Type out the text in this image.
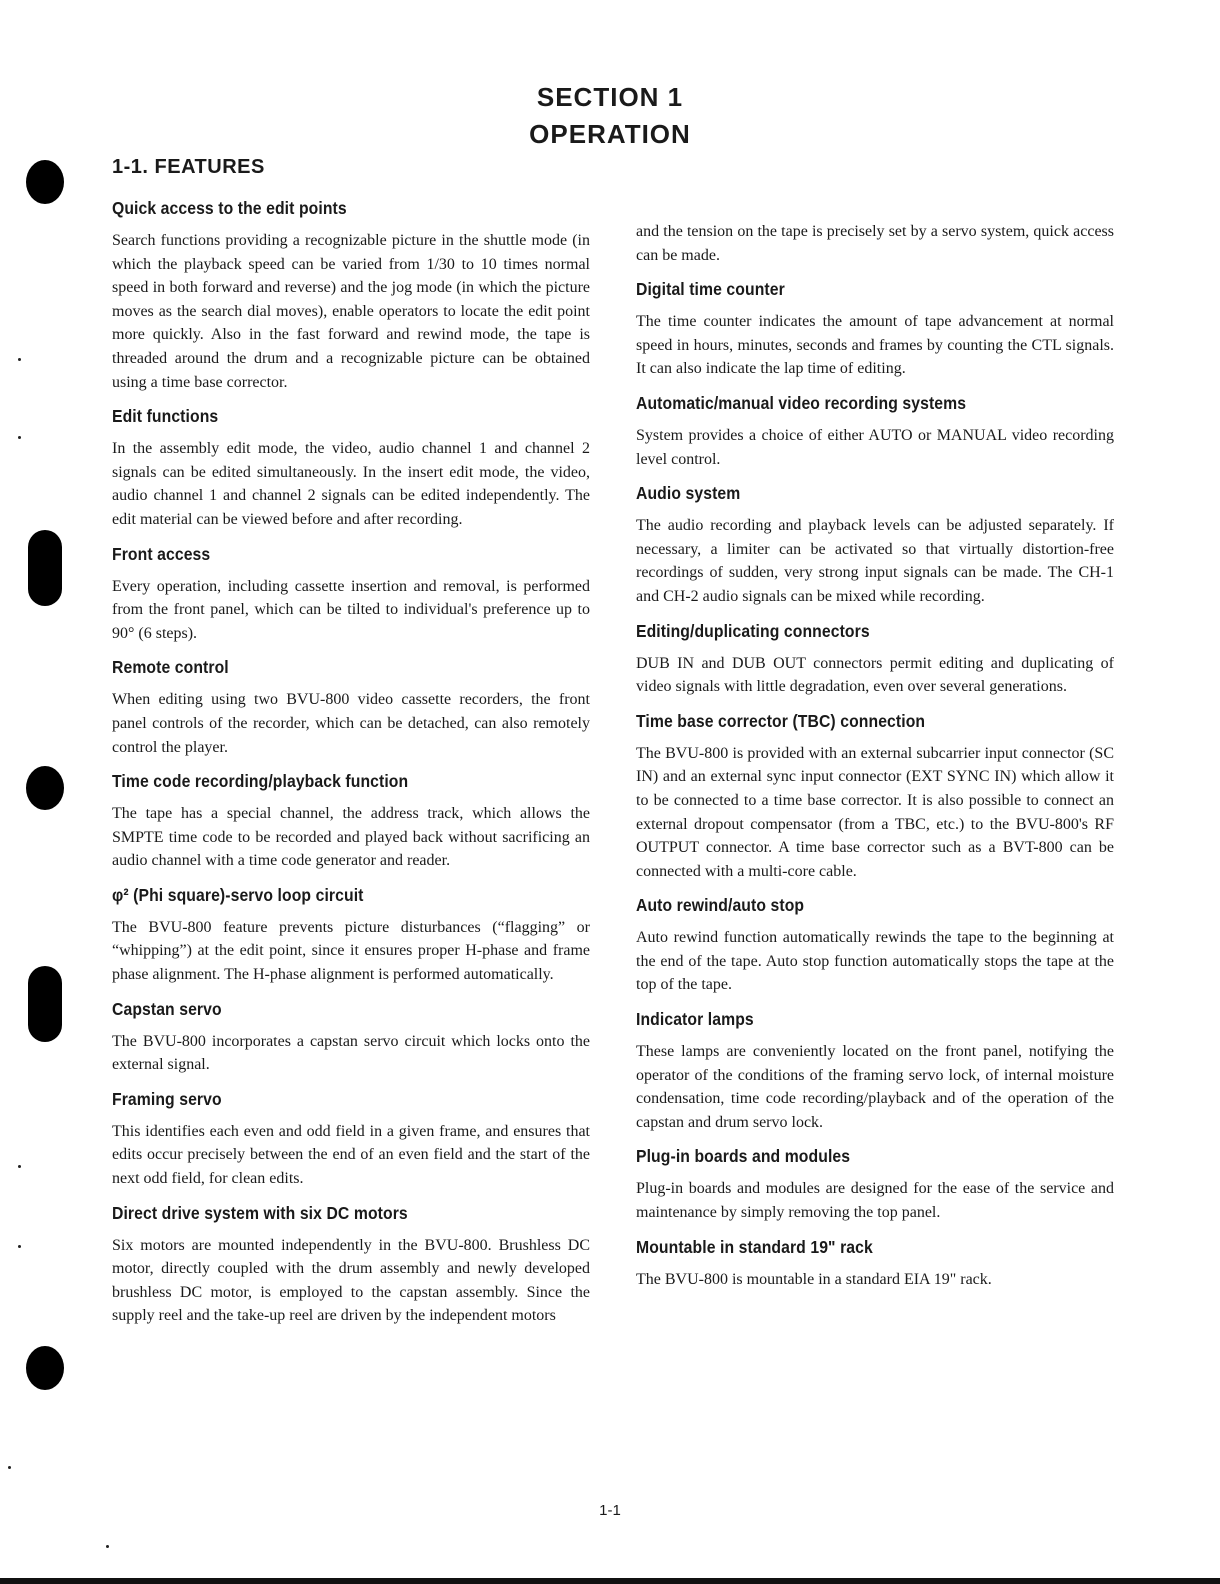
SECTION 1
OPERATION
1-1. FEATURES
Quick access to the edit points

Search functions providing a recognizable picture in the shuttle mode (in which the playback speed can be varied from 1/30 to 10 times normal speed in both forward and reverse) and the jog mode (in which the picture moves as the search dial moves), enable operators to locate the edit point more quickly. Also in the fast forward and rewind mode, the tape is threaded around the drum and a recognizable picture can be obtained using a time base corrector.

Edit functions

In the assembly edit mode, the video, audio channel 1 and channel 2 signals can be edited simultaneously. In the insert edit mode, the video, audio channel 1 and channel 2 signals can be edited independently. The edit material can be viewed before and after recording.

Front access

Every operation, including cassette insertion and removal, is performed from the front panel, which can be tilted to individual's preference up to 90° (6 steps).

Remote control

When editing using two BVU-800 video cassette recorders, the front panel controls of the recorder, which can be detached, can also remotely control the player.

Time code recording/playback function

The tape has a special channel, the address track, which allows the SMPTE time code to be recorded and played back without sacrificing an audio channel with a time code generator and reader.

φ² (Phi square)-servo loop circuit

The BVU-800 feature prevents picture disturbances (“flagging” or “whipping”) at the edit point, since it ensures proper H-phase and frame phase alignment. The H-phase alignment is performed automatically.

Capstan servo

The BVU-800 incorporates a capstan servo circuit which locks onto the external signal.

Framing servo

This identifies each even and odd field in a given frame, and ensures that edits occur precisely between the end of an even field and the start of the next odd field, for clean edits.

Direct drive system with six DC motors

Six motors are mounted independently in the BVU-800. Brushless DC motor, directly coupled with the drum assembly and newly developed brushless DC motor, is employed to the capstan assembly. Since the supply reel and the take-up reel are driven by the independent motors

and the tension on the tape is precisely set by a servo system, quick access can be made.

Digital time counter

The time counter indicates the amount of tape advancement at normal speed in hours, minutes, seconds and frames by counting the CTL signals. It can also indicate the lap time of editing.

Automatic/manual video recording systems

System provides a choice of either AUTO or MANUAL video recording level control.

Audio system

The audio recording and playback levels can be adjusted separately. If necessary, a limiter can be activated so that virtually distortion-free recordings of sudden, very strong input signals can be made. The CH-1 and CH-2 audio signals can be mixed while recording.

Editing/duplicating connectors

DUB IN and DUB OUT connectors permit editing and duplicating of video signals with little degradation, even over several generations.

Time base corrector (TBC) connection

The BVU-800 is provided with an external subcarrier input connector (SC IN) and an external sync input connector (EXT SYNC IN) which allow it to be connected to a time base corrector. It is also possible to connect an external dropout compensator (from a TBC, etc.) to the BVU-800's RF OUTPUT connector. A time base corrector such as a BVT-800 can be connected with a multi-core cable.

Auto rewind/auto stop

Auto rewind function automatically rewinds the tape to the beginning at the end of the tape. Auto stop function automatically stops the tape at the top of the tape.

Indicator lamps

These lamps are conveniently located on the front panel, notifying the operator of the conditions of the framing servo lock, of internal moisture condensation, time code recording/playback and of the operation of the capstan and drum servo lock.

Plug-in boards and modules

Plug-in boards and modules are designed for the ease of the service and maintenance by simply removing the top panel.

Mountable in standard 19" rack

The BVU-800 is mountable in a standard EIA 19" rack.

1-1
